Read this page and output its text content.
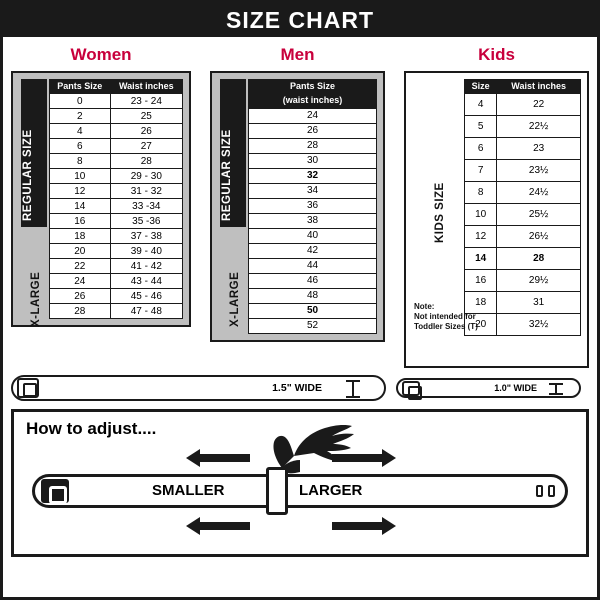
SIZE CHART
Women
REGULAR SIZE
X-LARGE
Pants Size	Waist inches
0	23 - 24
2	25
4	26
6	27
8	28
10	29 - 30
12	31 - 32
14	33 -34
16	35 -36
18	37 - 38
20	39 - 40
22	41 - 42
24	43 - 44
26	45 - 46
28	47 - 48
Men
REGULAR SIZE
X-LARGE
Pants Size
(waist inches)
24
26
28
30
32
34
36
38
40
42
44
46
48
50
52
Kids
KIDS SIZE
Note:
Not intended for
Toddler Sizes (T)
Size	Waist inches
4	22
5	22½
6	23
7	23½
8	24½
10	25½
12	26½
14	28
16	29½
18	31
20	32½
1.5" WIDE	1.0" WIDE
How to adjust....
SMALLER	LARGER
